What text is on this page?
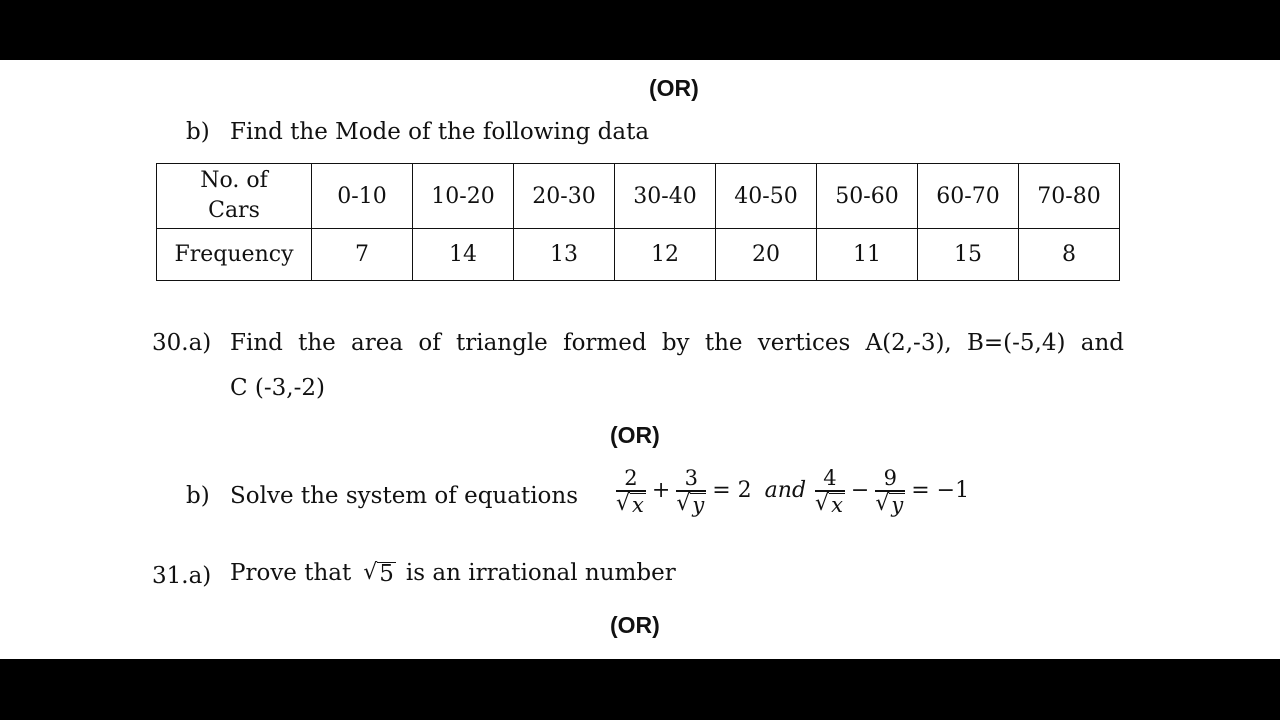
(OR)
b) Find the Mode of the following data
No. of
Cars	0-10	10-20	20-30	30-40	40-50	50-60	60-70	70-80
Frequency	7	14	13	12	20	11	15	8
30.a) Find the area of triangle formed by the vertices A(2,-3), B=(-5,4) and
C (-3,-2)
(OR)
b) Solve the system of equations $\frac{2}{√ x} + \frac{3}{√ y} = 2$ and $\frac{4}{√ x} - \frac{9}{√ y} = -1$
31.a) Prove that √ 5 is an irrational number
(OR)
